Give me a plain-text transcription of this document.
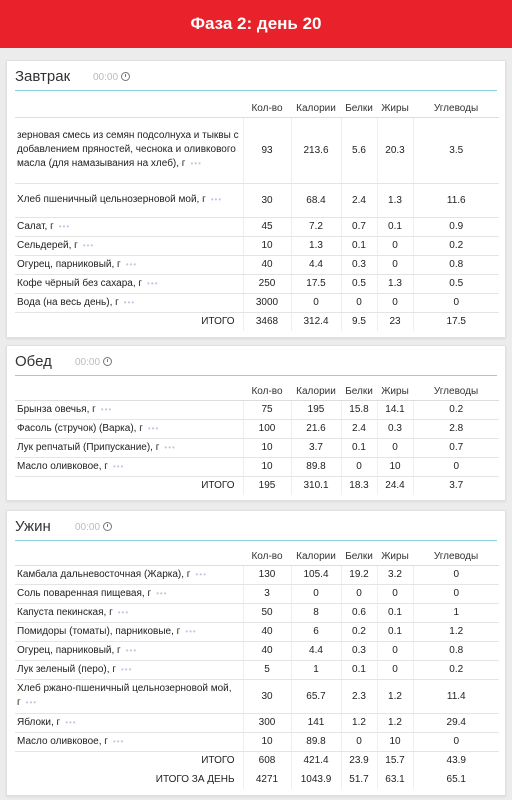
Фаза 2: день 20
Завтрак 00:00
	Кол-во	Калории	Белки	Жиры	Углеводы
зерновая смесь из семян подсолнуха и тыквы с добавлением пряностей, чеснока и оливкового масла (для намазывания на хлеб), г •••	93	213.6	5.6	20.3	3.5
Хлеб пшеничный цельнозерновой мой, г •••	30	68.4	2.4	1.3	11.6
Салат, г •••	45	7.2	0.7	0.1	0.9
Сельдерей, г •••	10	1.3	0.1	0	0.2
Огурец, парниковый, г •••	40	4.4	0.3	0	0.8
Кофе чёрный без сахара, г •••	250	17.5	0.5	1.3	0.5
Вода (на весь день), г •••	3000	0	0	0	0
ИТОГО	3468	312.4	9.5	23	17.5
Обед 00:00
	Кол-во	Калории	Белки	Жиры	Углеводы
Брынза овечья, г •••	75	195	15.8	14.1	0.2
Фасоль (стручок) (Варка), г •••	100	21.6	2.4	0.3	2.8
Лук репчатый (Припускание), г •••	10	3.7	0.1	0	0.7
Масло оливковое, г •••	10	89.8	0	10	0
ИТОГО	195	310.1	18.3	24.4	3.7
Ужин 00:00
	Кол-во	Калории	Белки	Жиры	Углеводы
Камбала дальневосточная (Жарка), г •••	130	105.4	19.2	3.2	0
Соль поваренная пищевая, г •••	3	0	0	0	0
Капуста пекинская, г •••	50	8	0.6	0.1	1
Помидоры (томаты), парниковые, г •••	40	6	0.2	0.1	1.2
Огурец, парниковый, г •••	40	4.4	0.3	0	0.8
Лук зеленый (перо), г •••	5	1	0.1	0	0.2
Хлеб ржано-пшеничный цельнозерновой мой, г •••	30	65.7	2.3	1.2	11.4
Яблоки, г •••	300	141	1.2	1.2	29.4
Масло оливковое, г •••	10	89.8	0	10	0
ИТОГО	608	421.4	23.9	15.7	43.9
ИТОГО ЗА ДЕНЬ	4271	1043.9	51.7	63.1	65.1
